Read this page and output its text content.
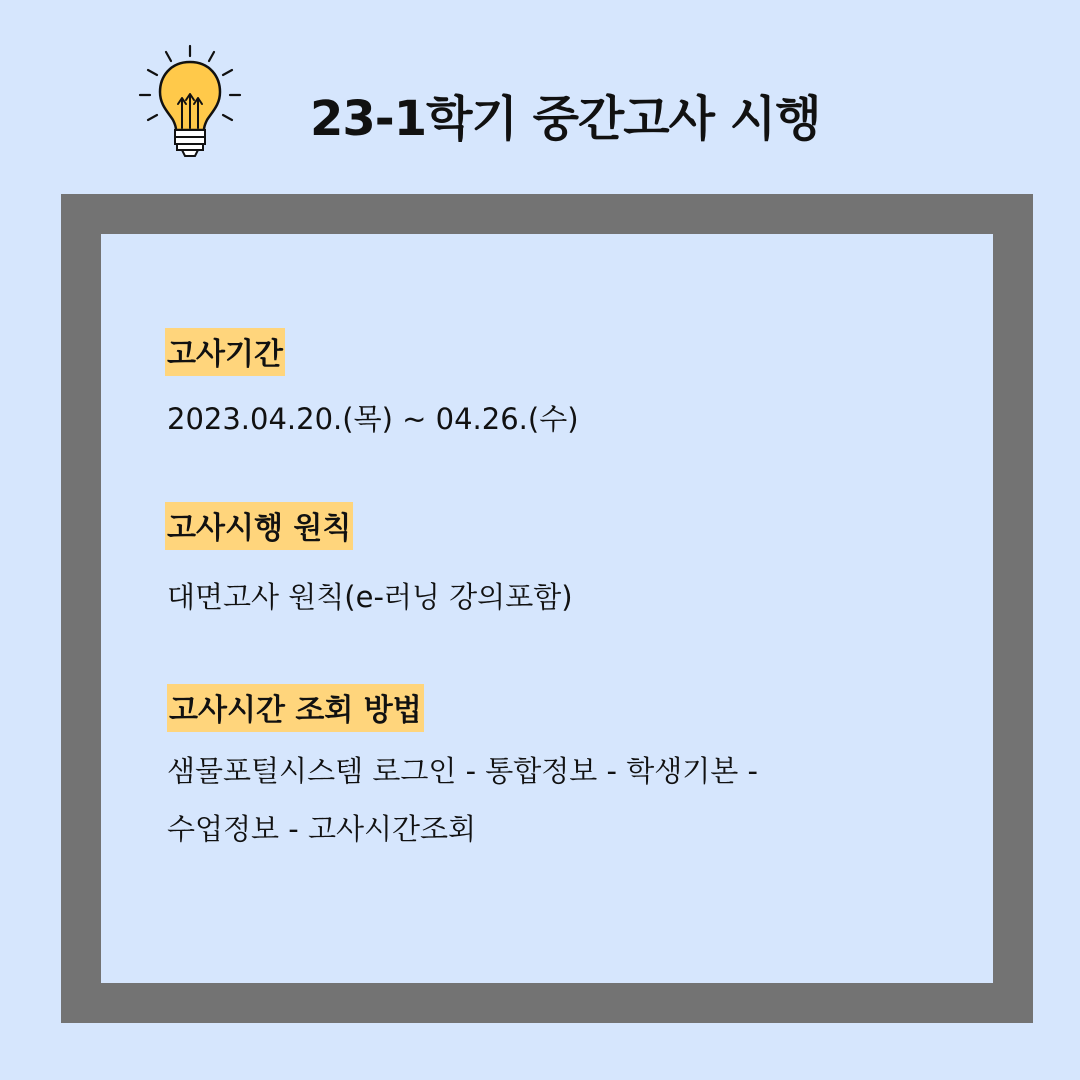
23-1학기 중간고사 시행
고사기간
2023.04.20.(목) ~ 04.26.(수)
고사시행 원칙
대면고사 원칙(e-러닝 강의포함)
고사시간 조회 방법
샘물포털시스템 로그인 - 통합정보 - 학생기본 -
수업정보 - 고사시간조회
